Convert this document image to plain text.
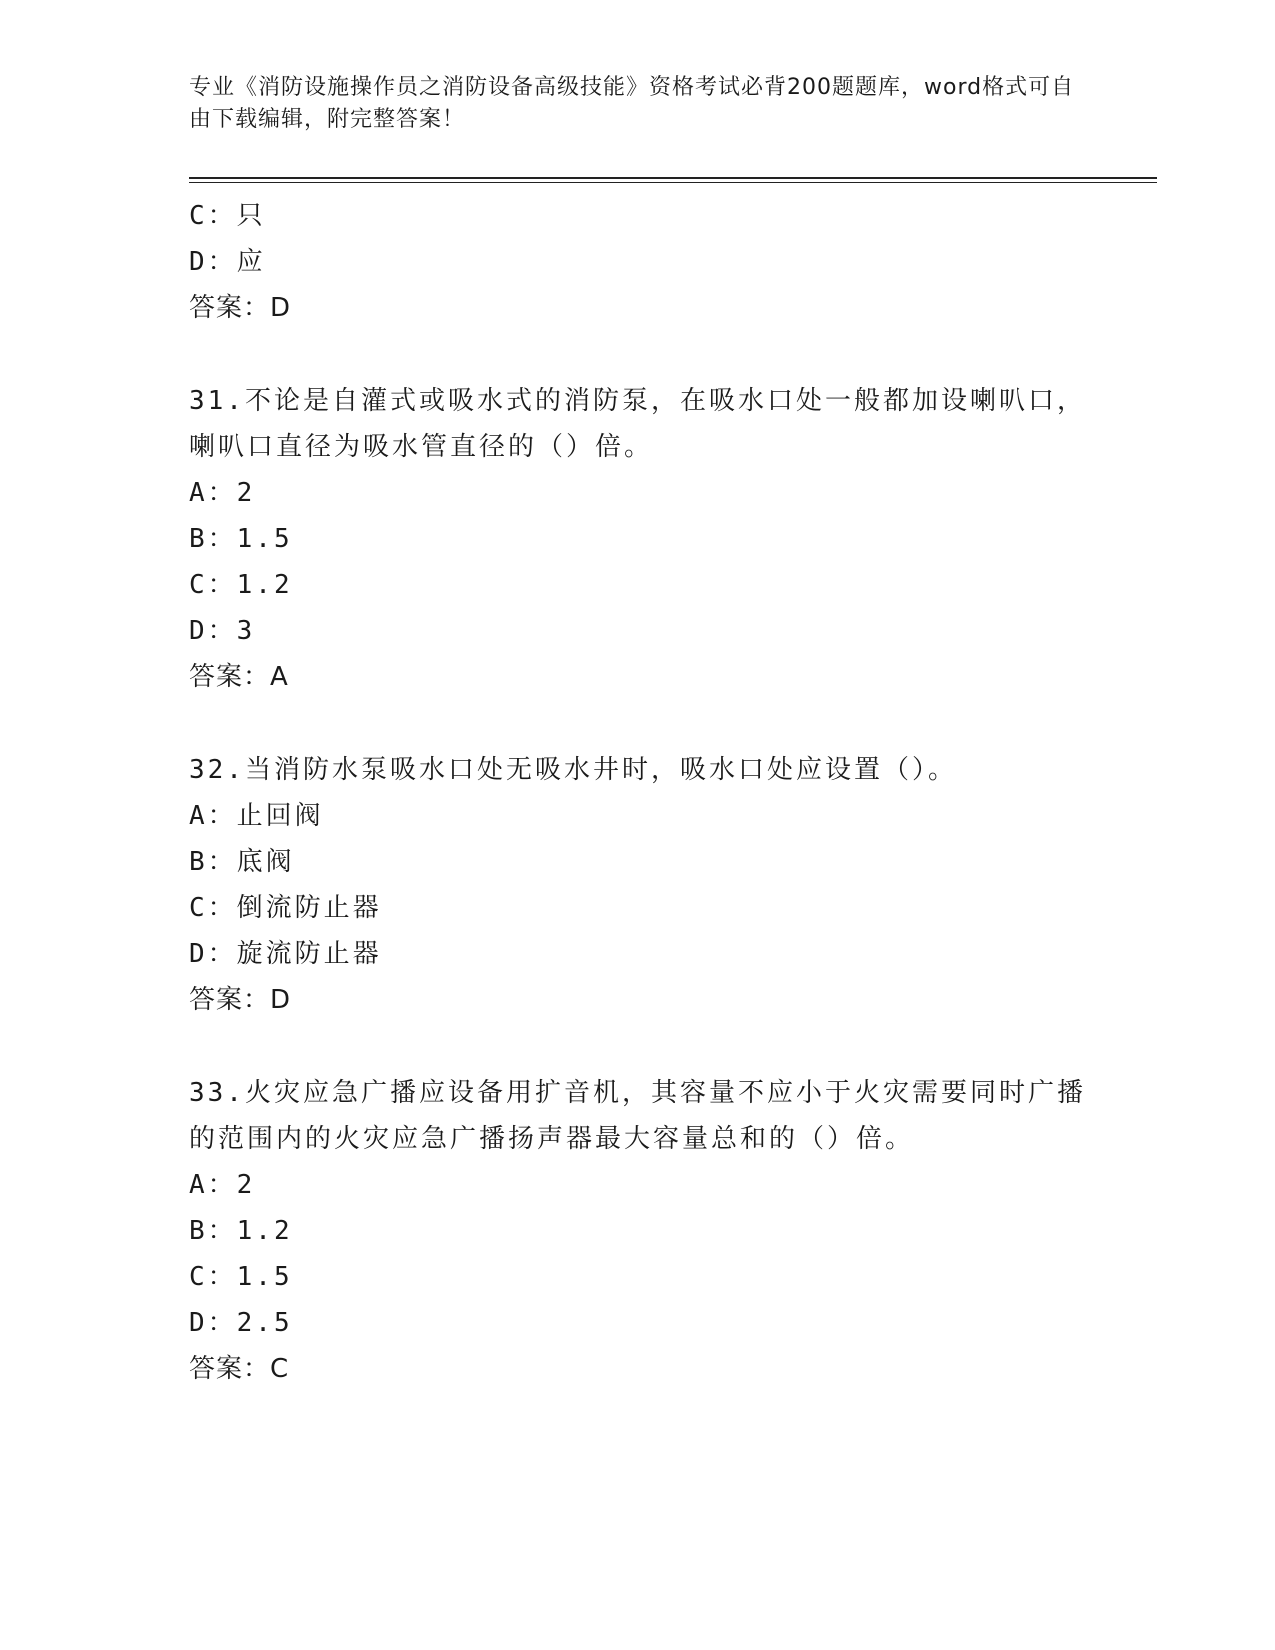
专业《消防设施操作员之消防设备高级技能》资格考试必背200题题库，word格式可自由下载编辑，附完整答案！
C：只
D：应
答案：D
31.不论是自灌式或吸水式的消防泵，在吸水口处一般都加设喇叭口，喇叭口直径为吸水管直径的（）倍。
A：2
B：1.5
C：1.2
D：3
答案：A
32.当消防水泵吸水口处无吸水井时，吸水口处应设置（）。
A：止回阀
B：底阀
C：倒流防止器
D：旋流防止器
答案：D
33.火灾应急广播应设备用扩音机，其容量不应小于火灾需要同时广播的范围内的火灾应急广播扬声器最大容量总和的（）倍。
A：2
B：1.2
C：1.5
D：2.5
答案：C
